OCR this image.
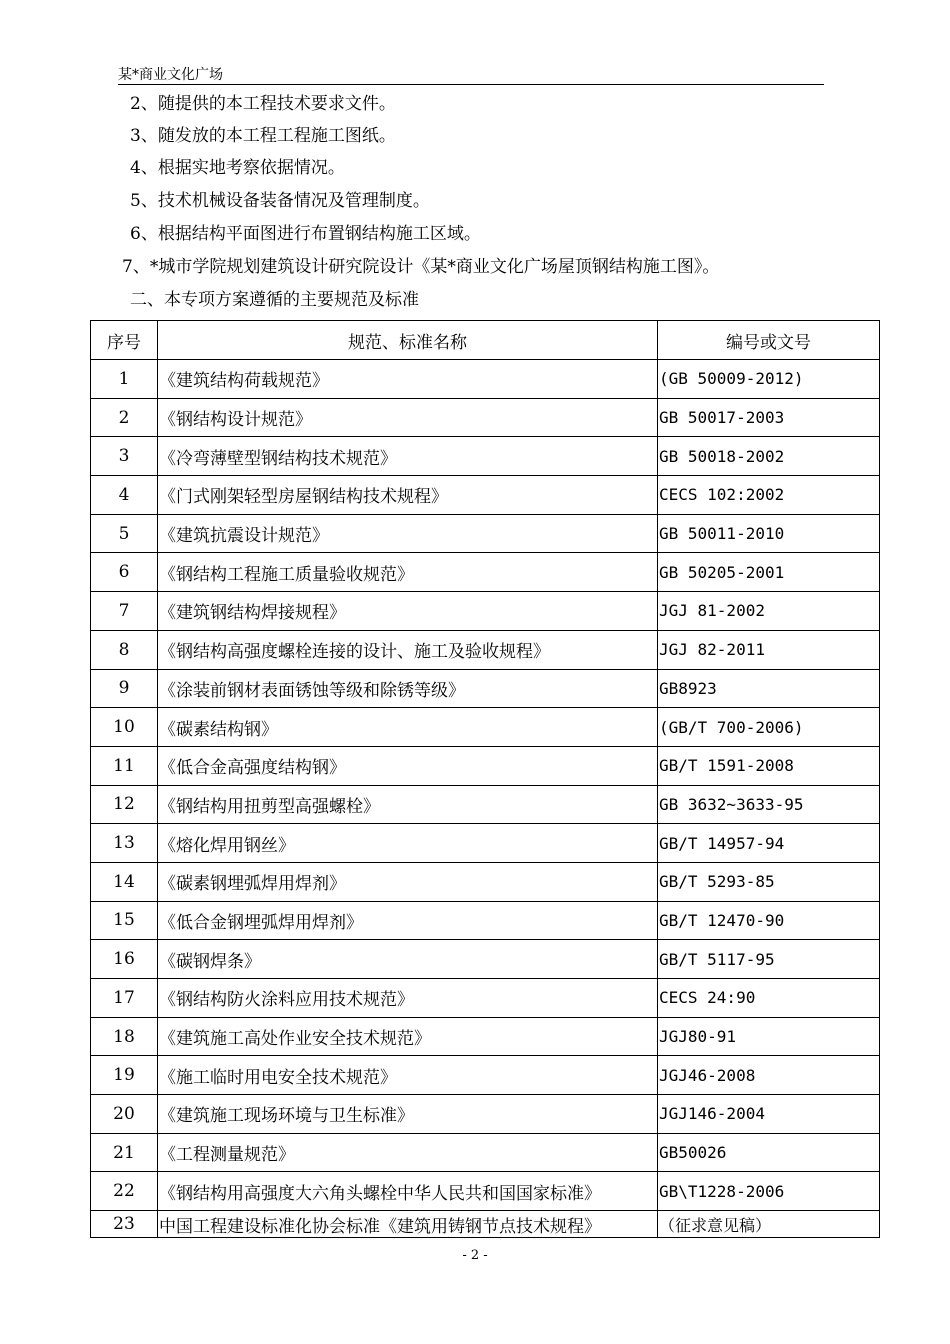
某*商业文化广场
2、随提供的本工程技术要求文件。
3、随发放的本工程工程施工图纸。
4、根据实地考察依据情况。
5、技术机械设备装备情况及管理制度。
6、根据结构平面图进行布置钢结构施工区域。
7、*城市学院规划建筑设计研究院设计《某*商业文化广场屋顶钢结构施工图》。
二、本专项方案遵循的主要规范及标准
序号	规范、标准名称	编号或文号
1	《建筑结构荷载规范》	(GB 50009-2012)
2	《钢结构设计规范》	GB 50017-2003
3	《冷弯薄壁型钢结构技术规范》	GB 50018-2002
4	《门式刚架轻型房屋钢结构技术规程》	CECS 102:2002
5	《建筑抗震设计规范》	GB 50011-2010
6	《钢结构工程施工质量验收规范》	GB 50205-2001
7	《建筑钢结构焊接规程》	JGJ 81-2002
8	《钢结构高强度螺栓连接的设计、施工及验收规程》	JGJ 82-2011
9	《涂装前钢材表面锈蚀等级和除锈等级》	GB8923
10	《碳素结构钢》	(GB/T 700-2006)
11	《低合金高强度结构钢》	GB/T 1591-2008
12	《钢结构用扭剪型高强螺栓》	GB 3632~3633-95
13	《熔化焊用钢丝》	GB/T 14957-94
14	《碳素钢埋弧焊用焊剂》	GB/T 5293-85
15	《低合金钢埋弧焊用焊剂》	GB/T 12470-90
16	《碳钢焊条》	GB/T 5117-95
17	《钢结构防火涂料应用技术规范》	CECS 24:90
18	《建筑施工高处作业安全技术规范》	JGJ80-91
19	《施工临时用电安全技术规范》	JGJ46-2008
20	《建筑施工现场环境与卫生标准》	JGJ146-2004
21	《工程测量规范》	GB50026
22	《钢结构用高强度大六角头螺栓中华人民共和国国家标准》	GB\T1228-2006
23	中国工程建设标准化协会标准《建筑用铸钢节点技术规程》	（征求意见稿）
- 2 -
